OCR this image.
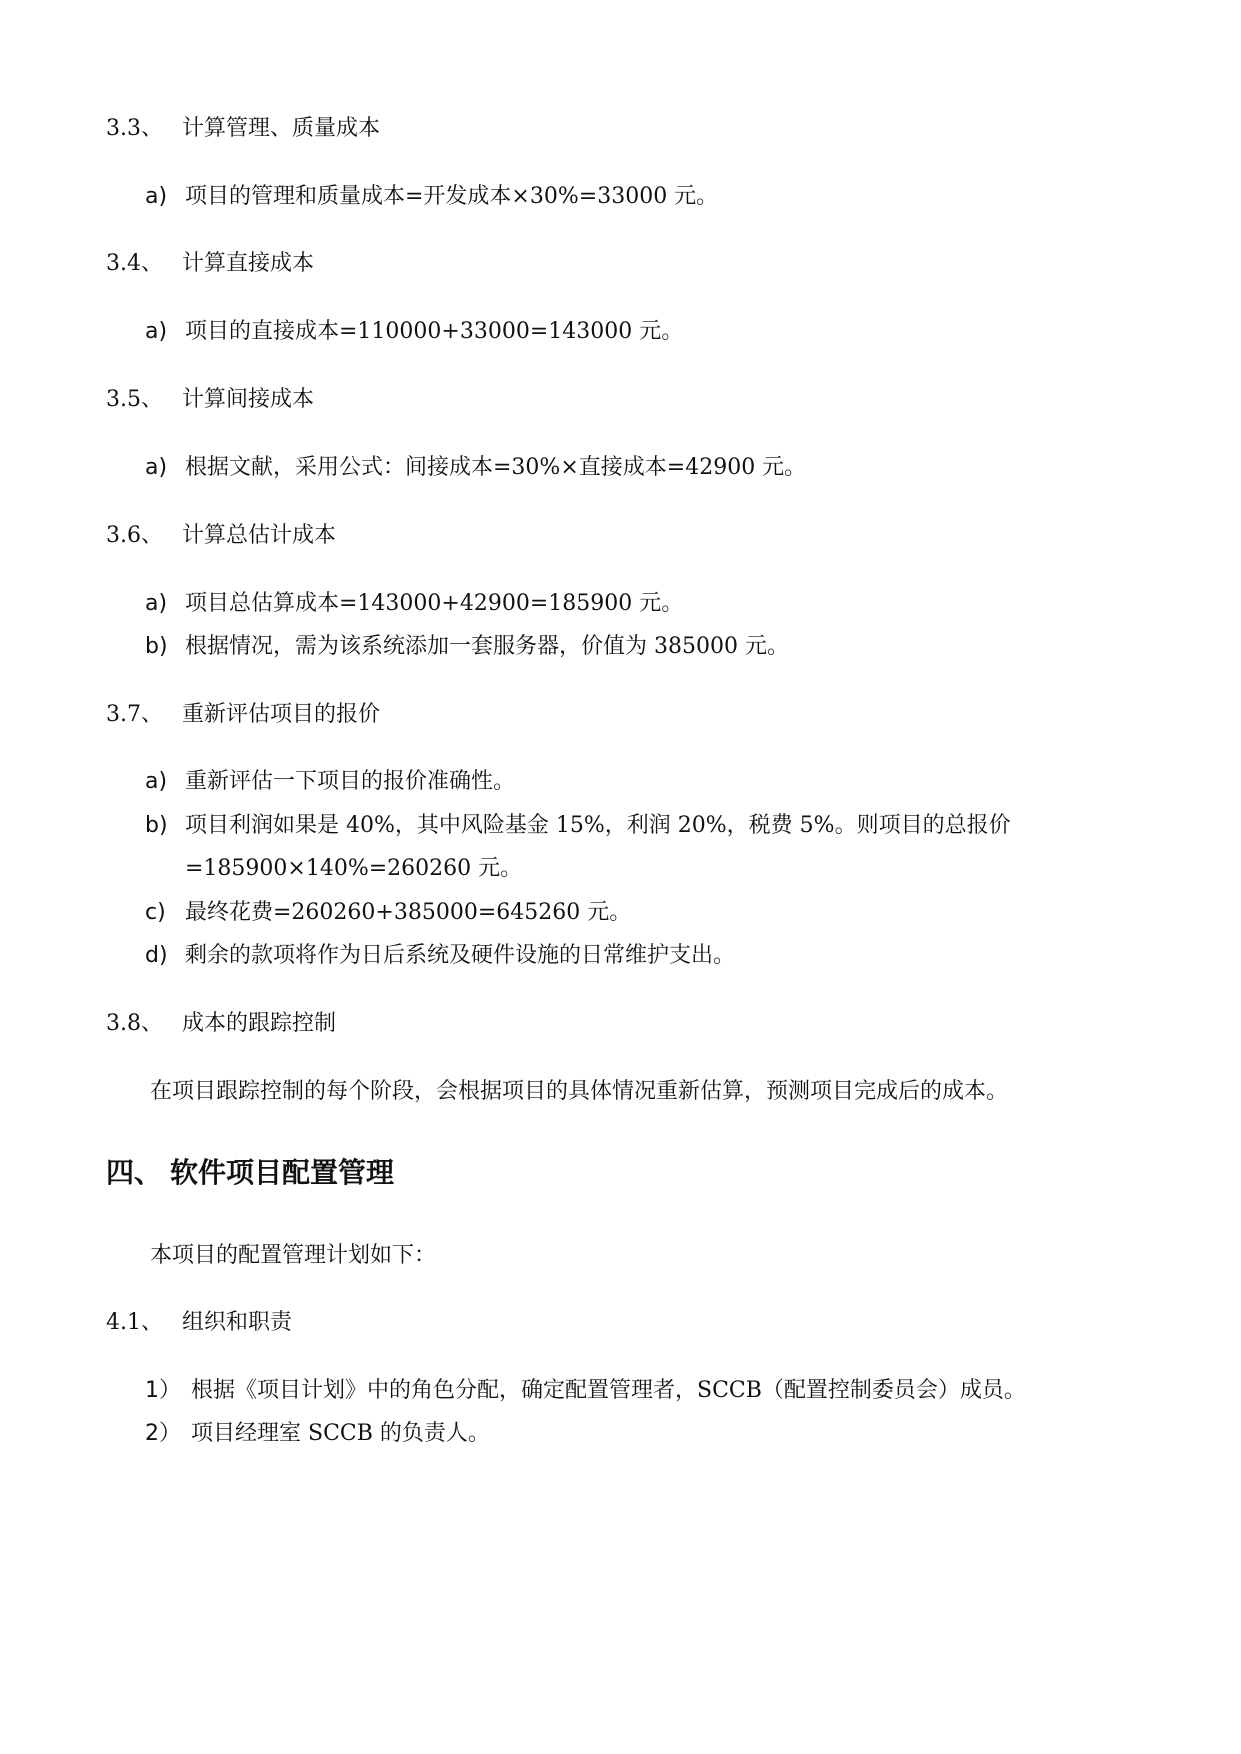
3.3、 计算管理、质量成本
a) 项目的管理和质量成本=开发成本×30%=33000 元。
3.4、 计算直接成本
a) 项目的直接成本=110000+33000=143000 元。
3.5、 计算间接成本
a) 根据文献，采用公式：间接成本=30%×直接成本=42900 元。
3.6、 计算总估计成本
a) 项目总估算成本=143000+42900=185900 元。
b) 根据情况，需为该系统添加一套服务器，价值为 385000 元。
3.7、 重新评估项目的报价
a) 重新评估一下项目的报价准确性。
b) 项目利润如果是 40%，其中风险基金 15%，利润 20%，税费 5%。则项目的总报价
=185900×140%=260260 元。
c) 最终花费=260260+385000=645260 元。
d) 剩余的款项将作为日后系统及硬件设施的日常维护支出。
3.8、 成本的跟踪控制
在项目跟踪控制的每个阶段，会根据项目的具体情况重新估算，预测项目完成后的成本。
四、 软件项目配置管理
本项目的配置管理计划如下：
4.1、 组织和职责
1） 根据《项目计划》中的角色分配，确定配置管理者，SCCB（配置控制委员会）成员。
2） 项目经理室 SCCB 的负责人。
